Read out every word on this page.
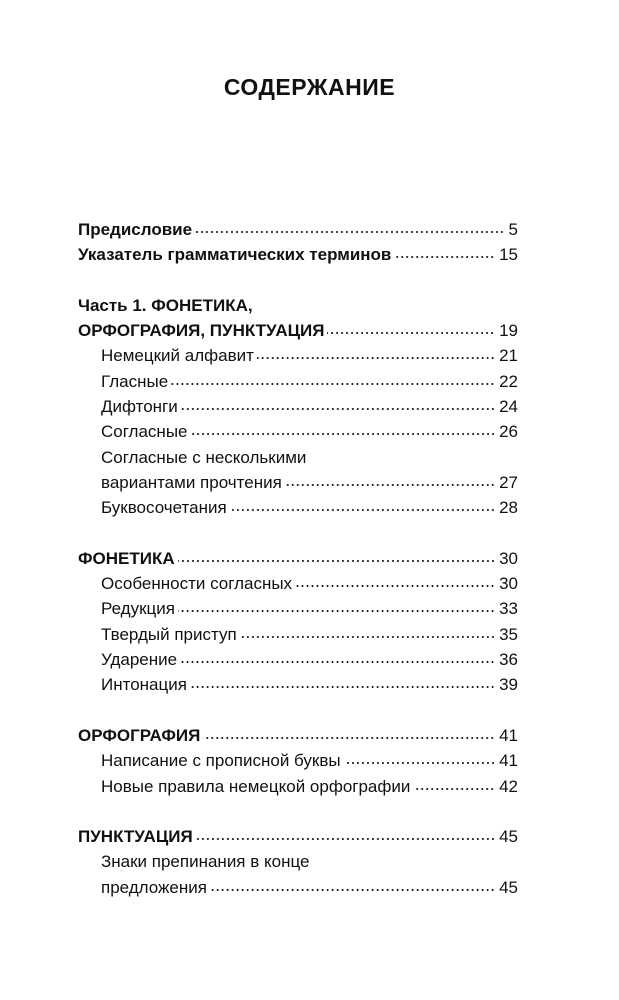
СОДЕРЖАНИЕ
Предисловие	5
Указатель грамматических терминов	15
Часть 1. ФОНЕТИКА,
ОРФОГРАФИЯ, ПУНКТУАЦИЯ	19
Немецкий алфавит	21
Гласные	22
Дифтонги	24
Согласные	26
Согласные с несколькими
вариантами прочтения	27
Буквосочетания	28
ФОНЕТИКА	30
Особенности согласных	30
Редукция	33
Твердый приступ	35
Ударение	36
Интонация	39
ОРФОГРАФИЯ	41
Написание с прописной буквы	41
Новые правила немецкой орфографии	42
ПУНКТУАЦИЯ	45
Знаки препинания в конце
предложения	45
